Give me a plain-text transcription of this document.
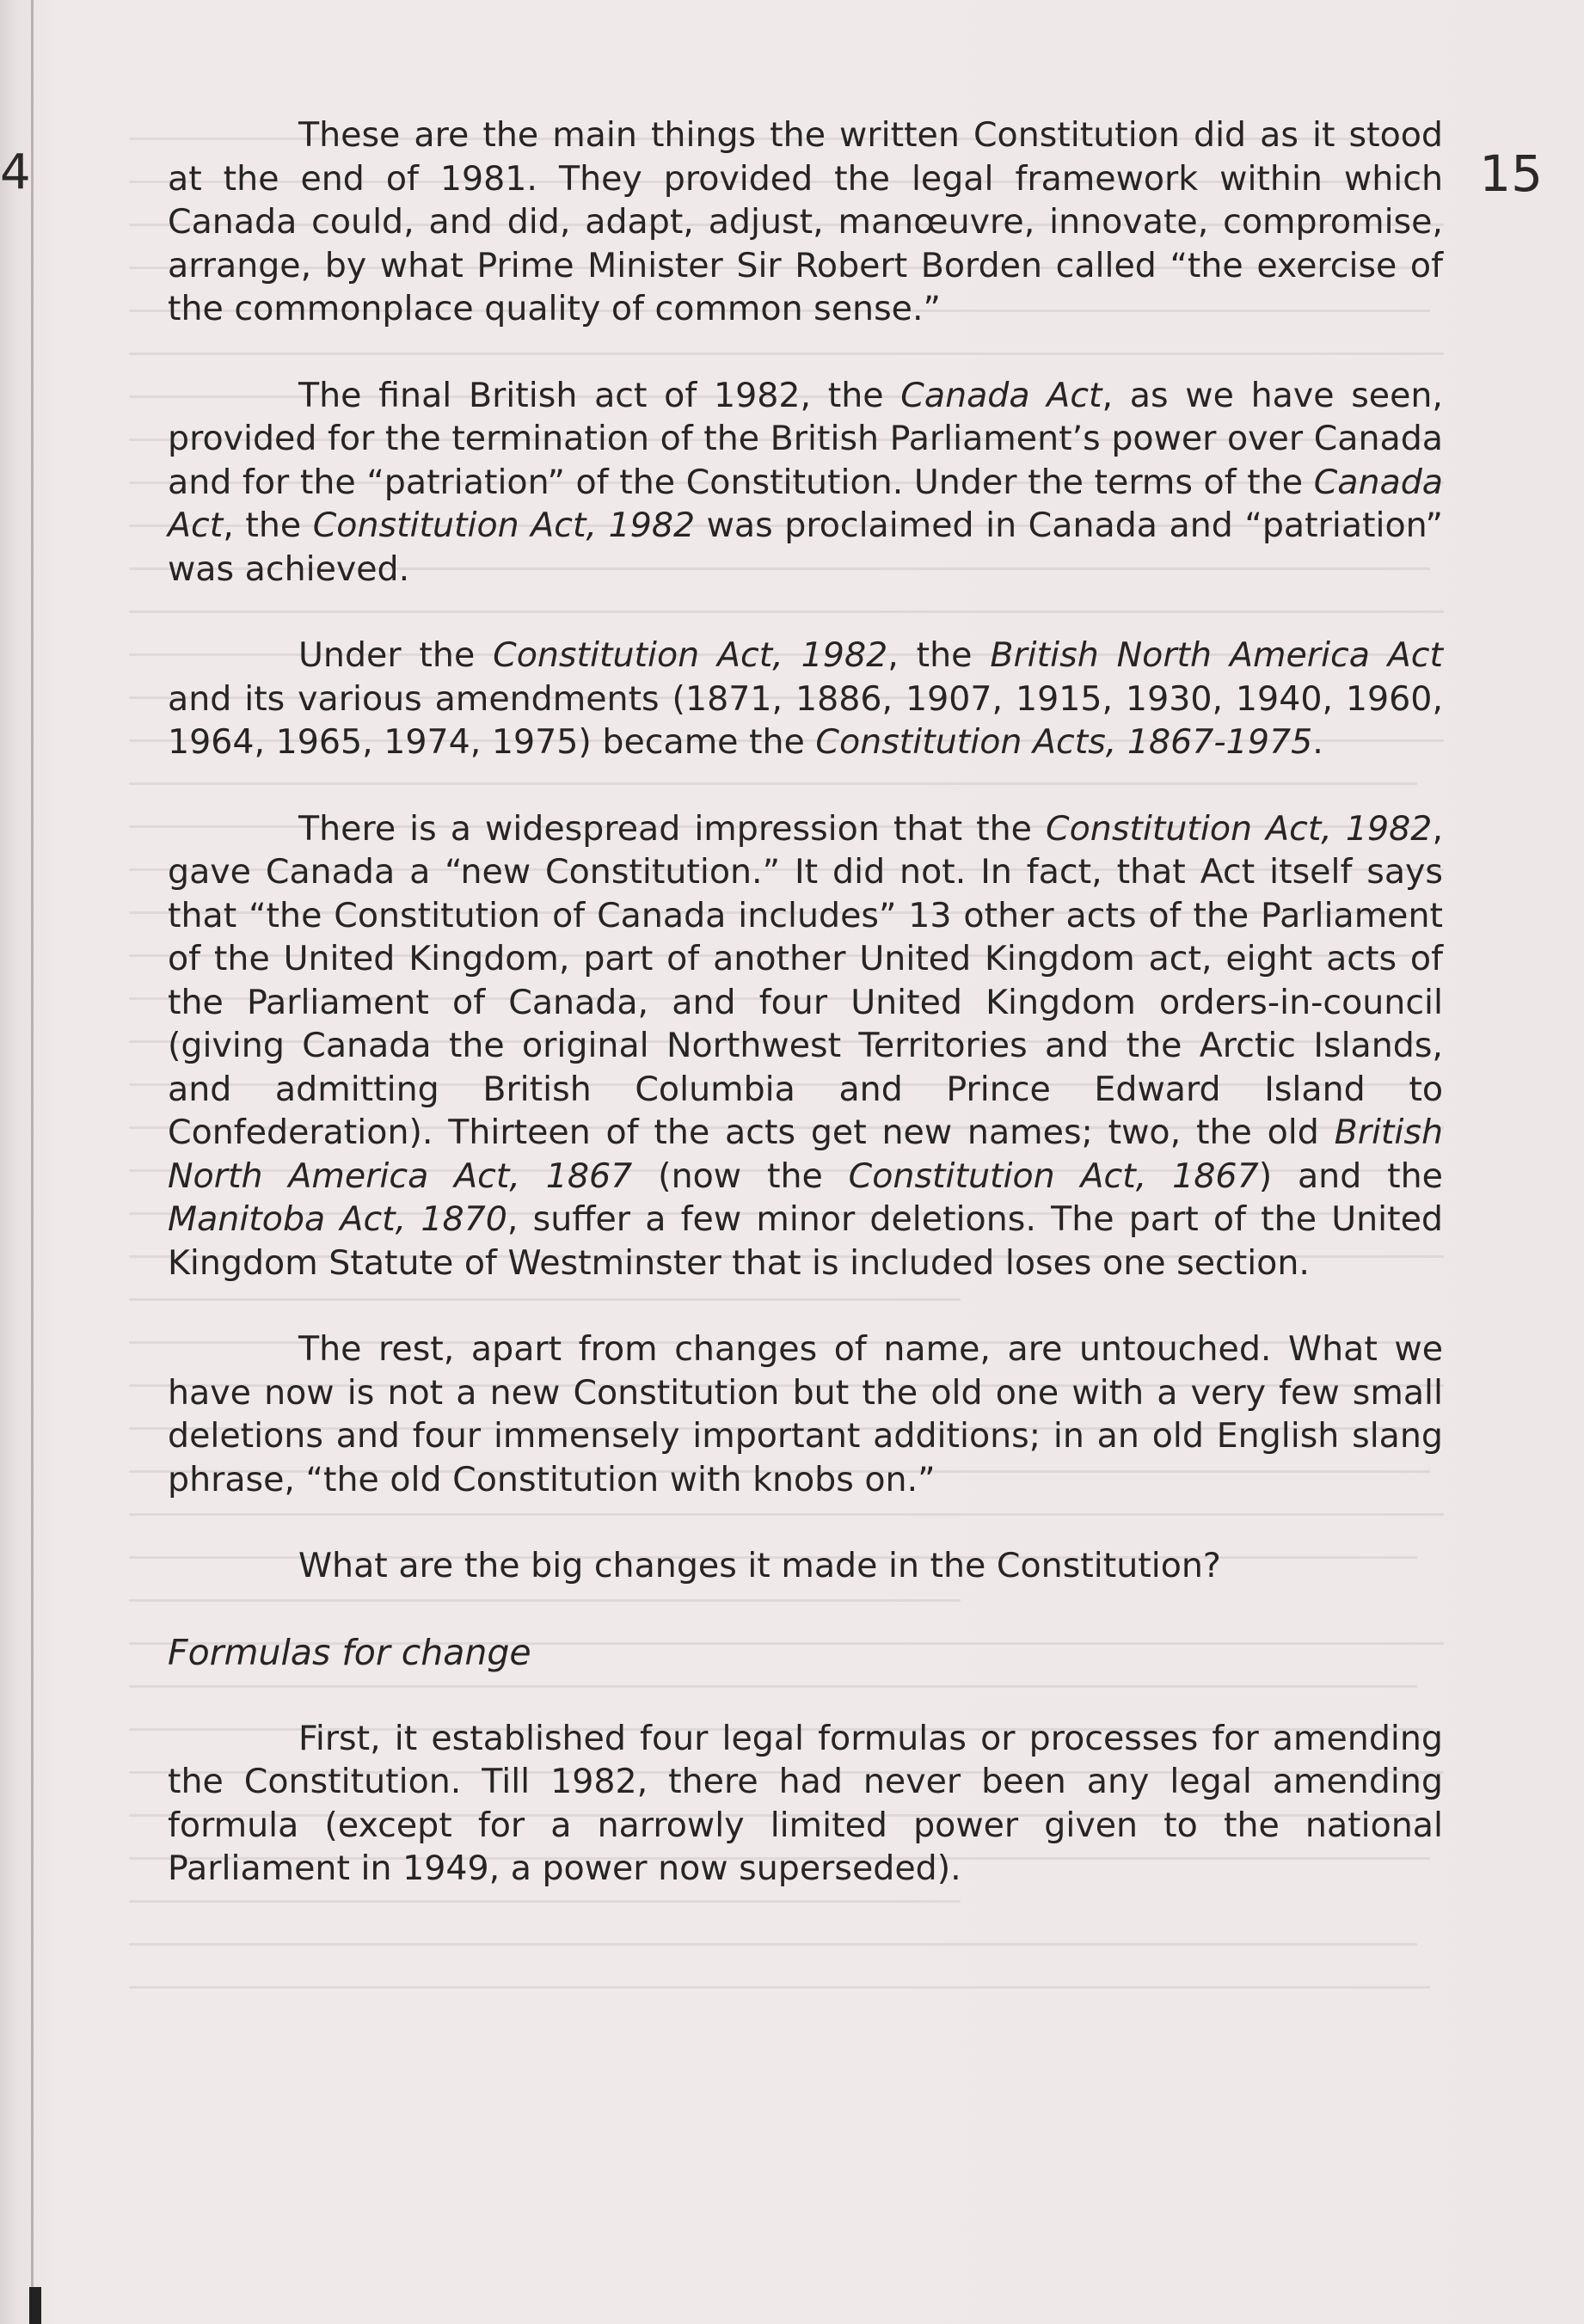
4	15

These are the main things the written Constitution did as it stood at the end of 1981. They provided the legal framework within which Canada could, and did, adapt, adjust, manœuvre, innovate, compromise, arrange, by what Prime Minister Sir Robert Borden called “the exercise of the commonplace quality of common sense.”

The final British act of 1982, the Canada Act, as we have seen, provided for the termination of the British Parliament’s power over Canada and for the “patriation” of the Constitution. Under the terms of the Canada Act, the Constitution Act, 1982 was proclaimed in Canada and “patriation” was achieved.

Under the Constitution Act, 1982, the British North America Act and its various amendments (1871, 1886, 1907, 1915, 1930, 1940, 1960, 1964, 1965, 1974, 1975) became the Constitution Acts, 1867-1975.

There is a widespread impression that the Constitution Act, 1982, gave Canada a “new Constitution.” It did not. In fact, that Act itself says that “the Constitution of Canada includes” 13 other acts of the Parliament of the United Kingdom, part of another United Kingdom act, eight acts of the Parliament of Canada, and four United Kingdom orders-in-council (giving Canada the original Northwest Territories and the Arctic Islands, and admitting British Columbia and Prince Edward Island to Confederation). Thirteen of the acts get new names; two, the old British North America Act, 1867 (now the Constitution Act, 1867) and the Manitoba Act, 1870, suffer a few minor deletions. The part of the United Kingdom Statute of Westminster that is included loses one section.

The rest, apart from changes of name, are untouched. What we have now is not a new Constitution but the old one with a very few small deletions and four immensely important additions; in an old English slang phrase, “the old Constitution with knobs on.”

What are the big changes it made in the Constitution?

Formulas for change

First, it established four legal formulas or processes for amending the Constitution. Till 1982, there had never been any legal amending formula (except for a narrowly limited power given to the national Parliament in 1949, a power now superseded).
